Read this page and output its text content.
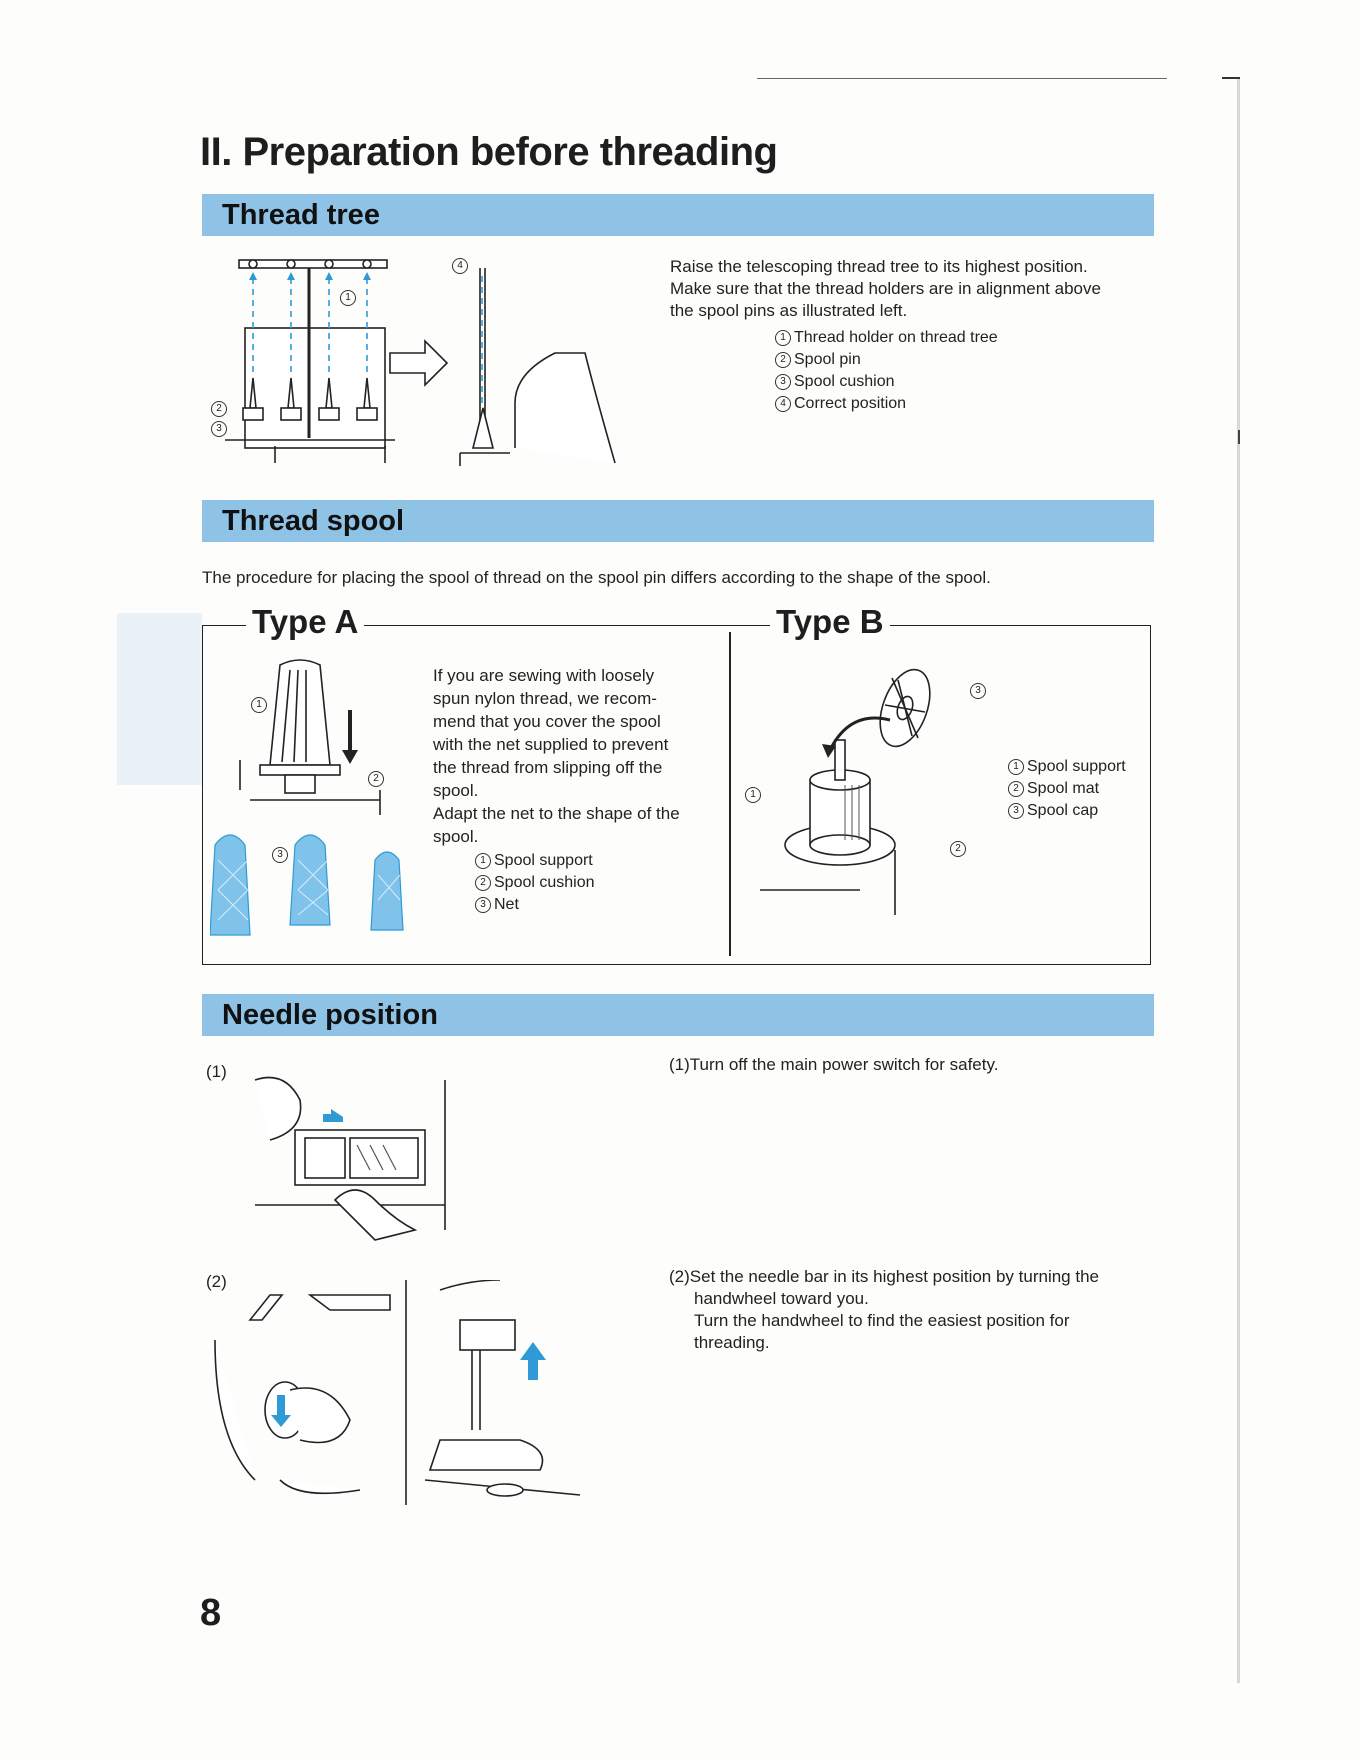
II. Preparation before threading
Thread tree
1
2
3
4	Raise the telescoping thread tree to its highest position.
Make sure that the thread holders are in alignment above
the spool pins as illustrated left.
1 Thread holder on thread tree
2 Spool pin
3 Spool cushion
4 Correct position
Thread spool
The procedure for placing the spool of thread on the spool pin differs according to the shape of the spool.
Type A	Type B
1
2
3
If you are sewing with loosely
spun nylon thread, we recom-
mend that you cover the spool
with the net supplied to prevent
the thread from slipping off the
spool.
Adapt the net to the shape of the
spool.
1 Spool support
2 Spool cushion
3 Net
3
1
2
1 Spool support
2 Spool mat
3 Spool cap
Needle position
(1)	(1)Turn off the main power switch for safety.
(2)	(2)Set the needle bar in its highest position by turning the
handwheel toward you.
Turn the handwheel to find the easiest position for
threading.
8
